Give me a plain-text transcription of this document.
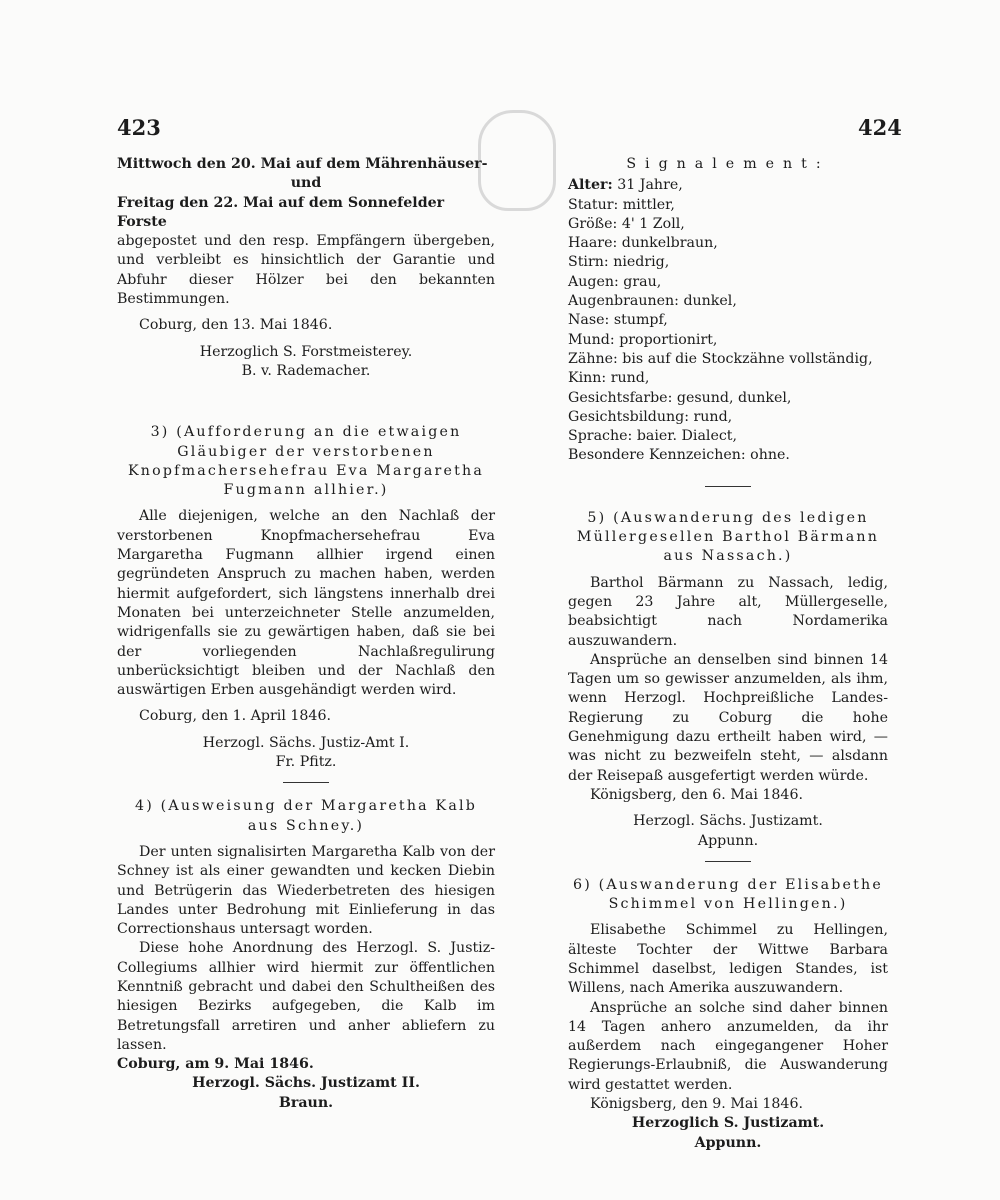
423	424

Mittwoch den 20. Mai auf dem Mährenhäuser-

und

Freitag den 22. Mai auf dem Sonnefelder Forste

abgepostet und den resp. Empfängern übergeben, und verbleibt es hinsichtlich der Garantie und Abfuhr dieser Hölzer bei den bekannten Bestimmungen.

Coburg, den 13. Mai 1846.

Herzoglich S. Forstmeisterey.

B. v. Rademacher.

3) (Aufforderung an die etwaigen Gläubiger der verstorbenen Knopfmachersehefrau Eva Margaretha Fugmann allhier.)

Alle diejenigen, welche an den Nachlaß der verstorbenen Knopfmachersehefrau Eva Margaretha Fugmann allhier irgend einen gegründeten Anspruch zu machen haben, werden hiermit aufgefordert, sich längstens innerhalb drei Monaten bei unterzeichneter Stelle anzumelden, widrigenfalls sie zu gewärtigen haben, daß sie bei der vorliegenden Nachlaßregulirung unberücksichtigt bleiben und der Nachlaß den auswärtigen Erben ausgehändigt werden wird.

Coburg, den 1. April 1846.

Herzogl. Sächs. Justiz-Amt I.

Fr. Pfitz.

4) (Ausweisung der Margaretha Kalb aus Schney.)

Der unten signalisirten Margaretha Kalb von der Schney ist als einer gewandten und kecken Diebin und Betrügerin das Wiederbetreten des hiesigen Landes unter Bedrohung mit Einlieferung in das Correctionshaus untersagt worden.

Diese hohe Anordnung des Herzogl. S. Justiz-Collegiums allhier wird hiermit zur öffentlichen Kenntniß gebracht und dabei den Schultheißen des hiesigen Bezirks aufgegeben, die Kalb im Betretungsfall arretiren und anher abliefern zu lassen.

Coburg, am 9. Mai 1846.

Herzogl. Sächs. Justizamt II.

Braun.

Signalement:

Alter: 31 Jahre,

Statur: mittler,

Größe: 4' 1 Zoll,

Haare: dunkelbraun,

Stirn: niedrig,

Augen: grau,

Augenbraunen: dunkel,

Nase: stumpf,

Mund: proportionirt,

Zähne: bis auf die Stockzähne vollständig,

Kinn: rund,

Gesichtsfarbe: gesund, dunkel,

Gesichtsbildung: rund,

Sprache: baier. Dialect,

Besondere Kennzeichen: ohne.

5) (Auswanderung des ledigen Müllergesellen Barthol Bärmann aus Nassach.)

Barthol Bärmann zu Nassach, ledig, gegen 23 Jahre alt, Müllergeselle, beabsichtigt nach Nordamerika auszuwandern.

Ansprüche an denselben sind binnen 14 Tagen um so gewisser anzumelden, als ihm, wenn Herzogl. Hochpreißliche Landes-Regierung zu Coburg die hohe Genehmigung dazu ertheilt haben wird, — was nicht zu bezweifeln steht, — alsdann der Reisepaß ausgefertigt werden würde.

Königsberg, den 6. Mai 1846.

Herzogl. Sächs. Justizamt.

Appunn.

6) (Auswanderung der Elisabethe Schimmel von Hellingen.)

Elisabethe Schimmel zu Hellingen, älteste Tochter der Wittwe Barbara Schimmel daselbst, ledigen Standes, ist Willens, nach Amerika auszuwandern.

Ansprüche an solche sind daher binnen 14 Tagen anhero anzumelden, da ihr außerdem nach eingegangener Hoher Regierungs-Erlaubniß, die Auswanderung wird gestattet werden.

Königsberg, den 9. Mai 1846.

Herzoglich S. Justizamt.

Appunn.
